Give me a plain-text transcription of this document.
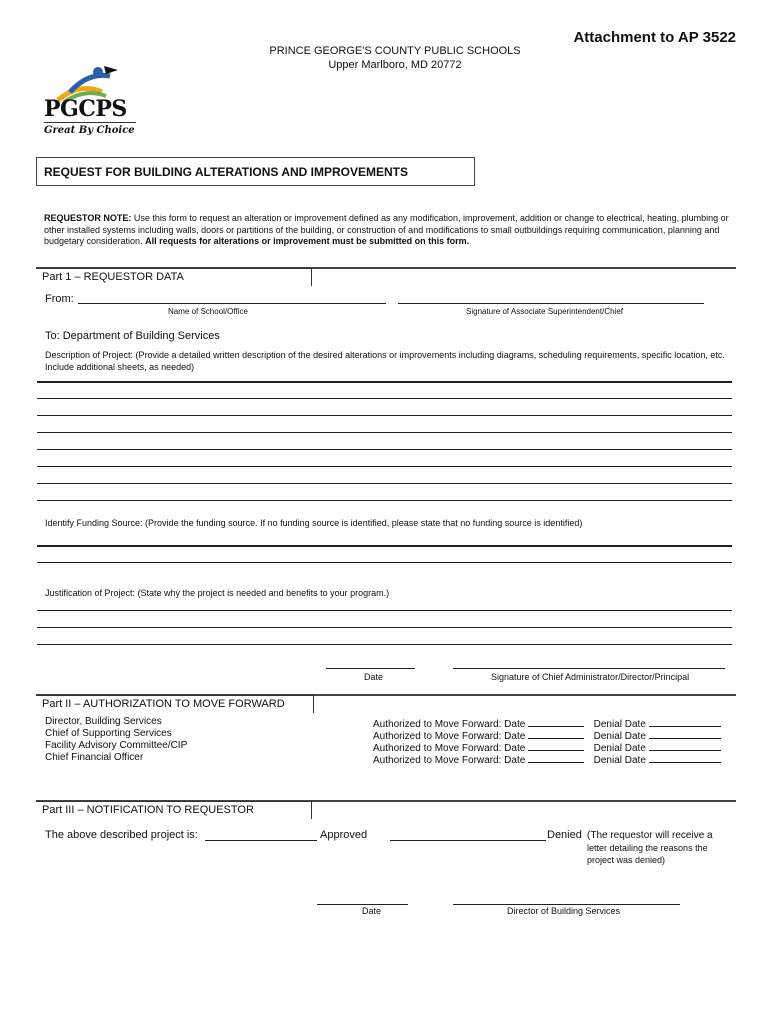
Attachment to AP 3522
PRINCE GEORGE'S COUNTY PUBLIC SCHOOLS
Upper Marlboro, MD 20772
PGCPS
Great By Choice
REQUEST FOR BUILDING ALTERATIONS AND IMPROVEMENTS
REQUESTOR NOTE: Use this form to request an alteration or improvement defined as any modification, improvement, addition or change to electrical, heating, plumbing or other installed systems including walls, doors or partitions of the building, or construction of and modifications to small outbuildings requiring communication, planning and budgetary consideration. All requests for alterations or improvement must be submitted on this form.
Part 1 – REQUESTOR DATA
From:
Name of School/Office	Signature of Associate Superintendent/Chief
To: Department of Building Services
Description of Project: (Provide a detailed written description of the desired alterations or improvements including diagrams, scheduling requirements, specific location, etc. Include additional sheets, as needed)
Identify Funding Source: (Provide the funding source. If no funding source is identified, please state that no funding source is identified)
Justification of Project: (State why the project is needed and benefits to your program.)
Date	Signature of Chief Administrator/Director/Principal
Part II – AUTHORIZATION TO MOVE FORWARD
Director, Building Services	Authorized to Move Forward: Date	Denial Date
Chief of Supporting Services	Authorized to Move Forward: Date	Denial Date
Facility Advisory Committee/CIP	Authorized to Move Forward: Date	Denial Date
Chief Financial Officer	Authorized to Move Forward: Date	Denial Date
Part III – NOTIFICATION TO REQUESTOR
The above described project is:	Approved	Denied (The requestor will receive a
letter detailing the reasons the
project was denied)
Date	Director of Building Services
